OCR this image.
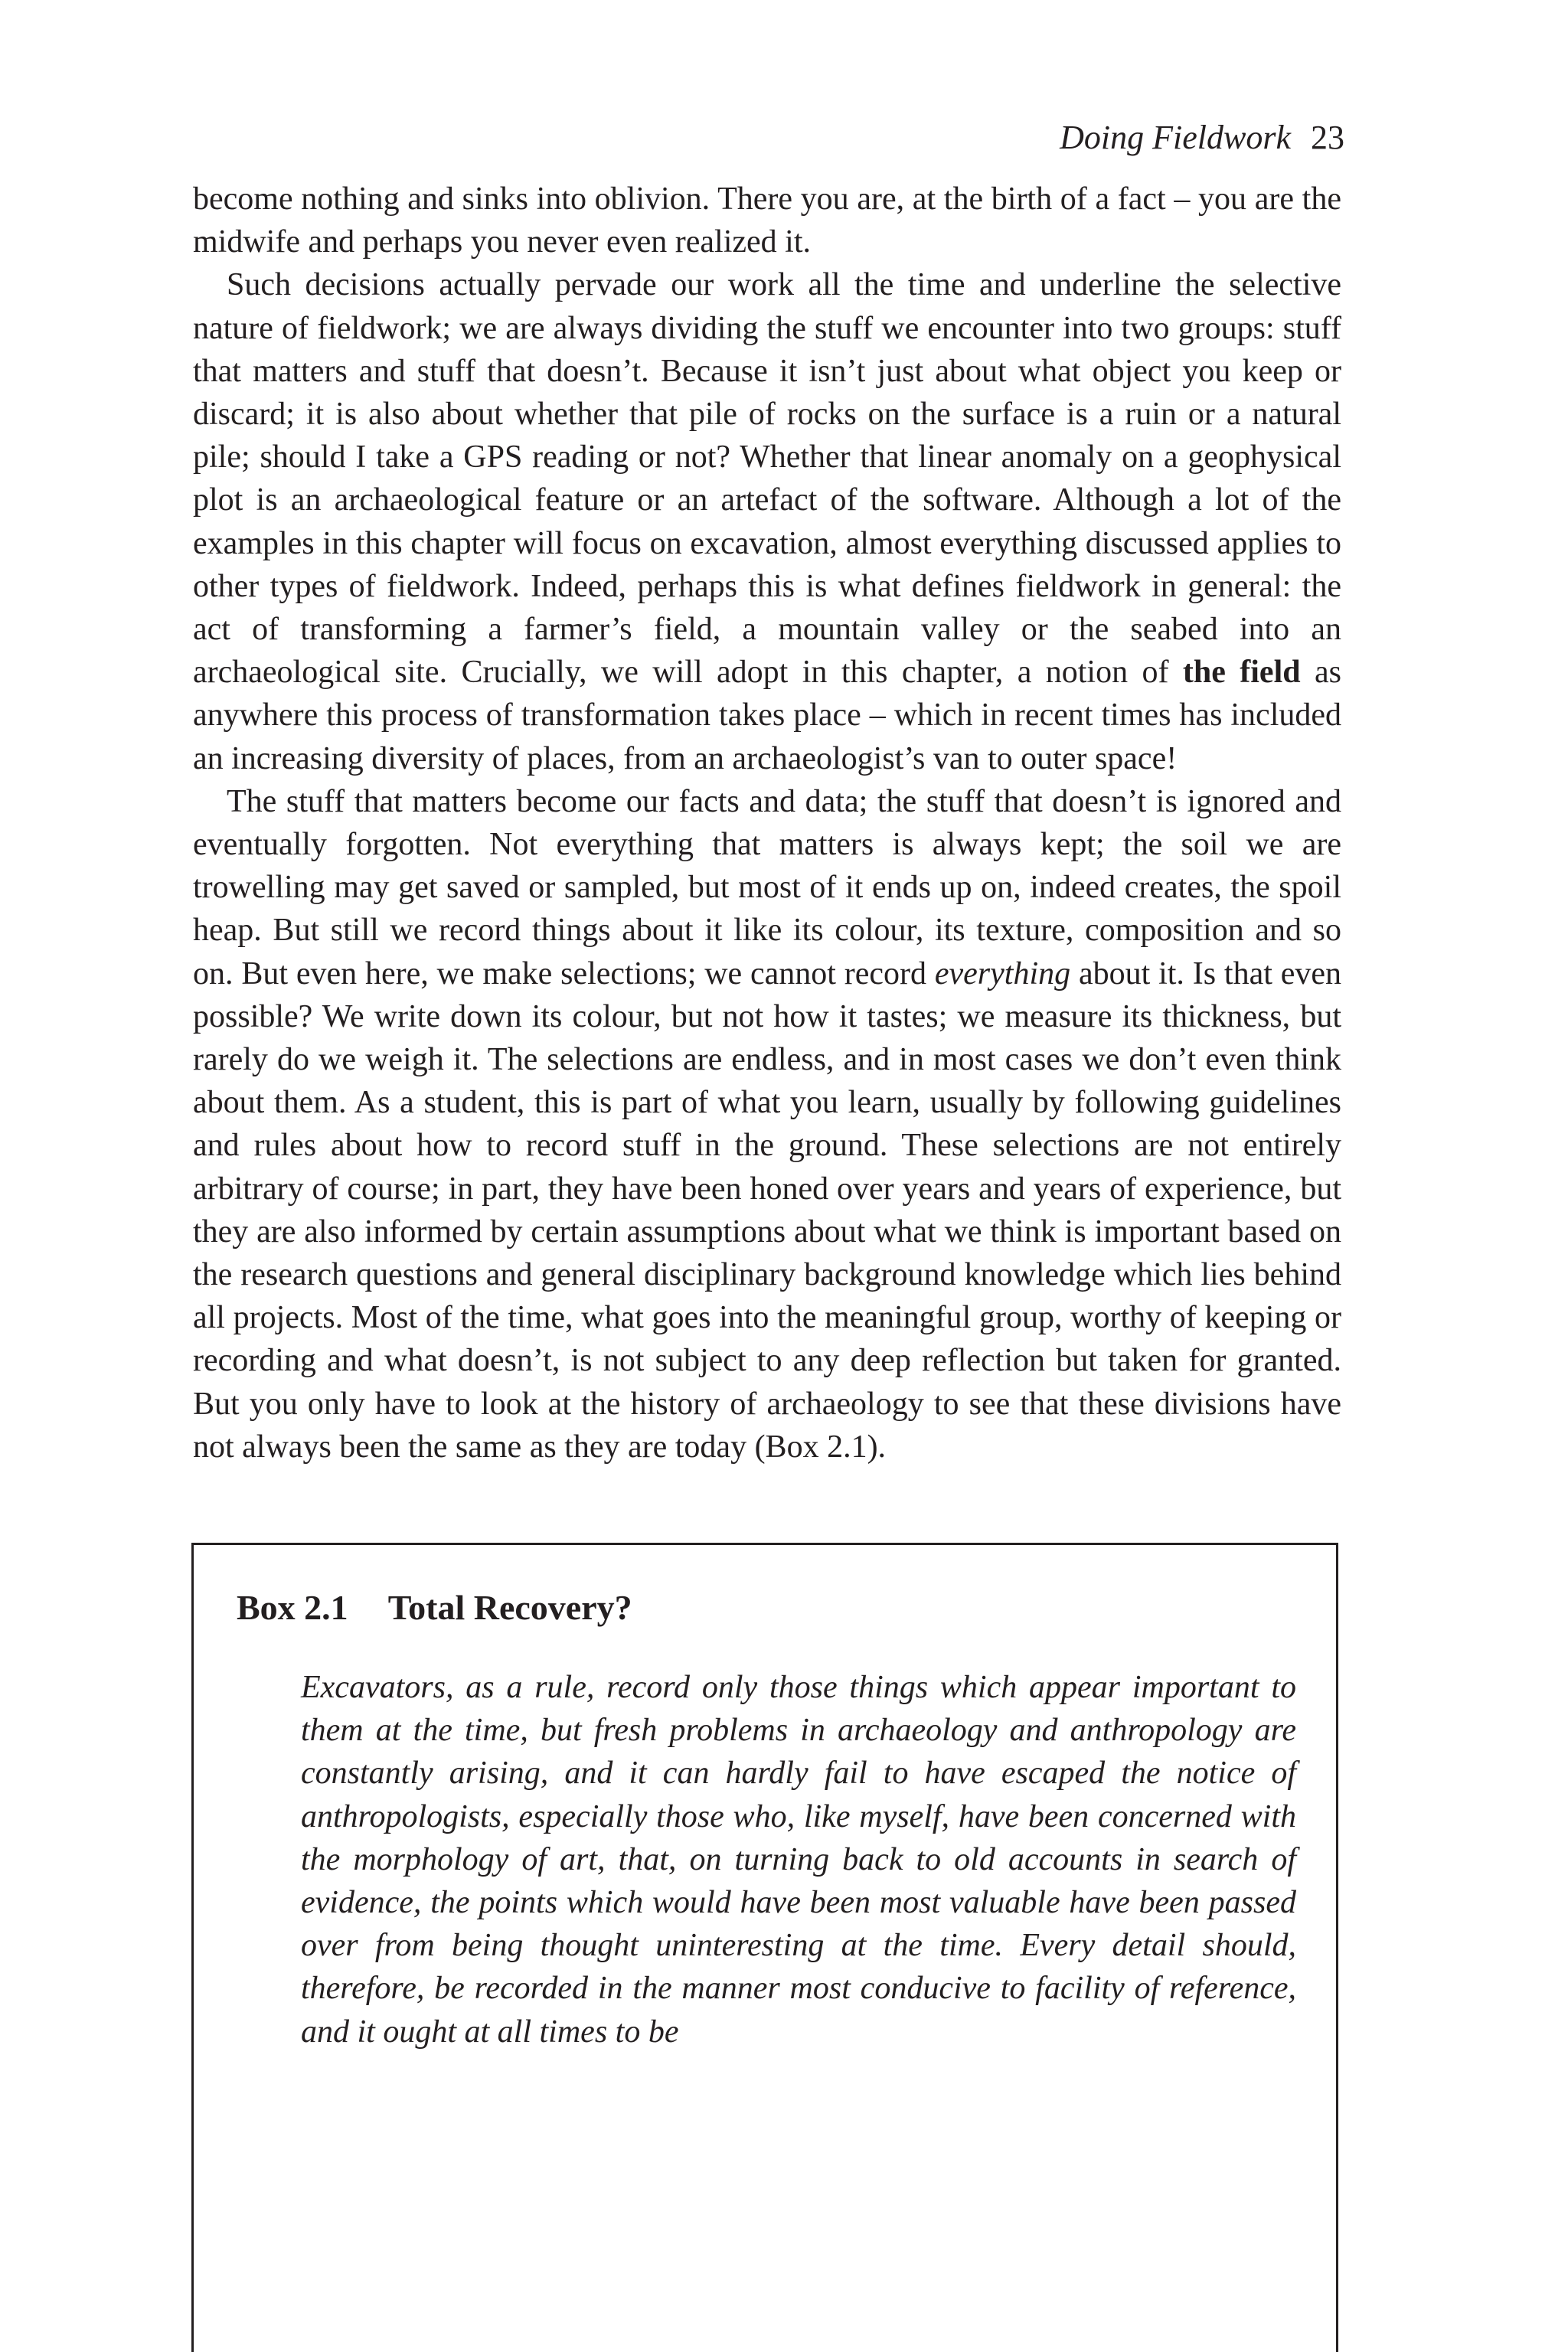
Doing Fieldwork 23

become nothing and sinks into oblivion. There you are, at the birth of a fact – you are the midwife and perhaps you never even realized it.

Such decisions actually pervade our work all the time and underline the selective nature of fieldwork; we are always dividing the stuff we encounter into two groups: stuff that matters and stuff that doesn’t. Because it isn’t just about what object you keep or discard; it is also about whether that pile of rocks on the surface is a ruin or a natural pile; should I take a GPS reading or not? Whether that linear anomaly on a geophysical plot is an archaeological feature or an artefact of the software. Although a lot of the examples in this chapter will focus on excavation, almost everything discussed applies to other types of fieldwork. Indeed, perhaps this is what defines fieldwork in general: the act of transforming a farmer’s field, a mountain valley or the seabed into an archaeological site. Crucially, we will adopt in this chapter, a notion of the field as anywhere this process of transformation takes place – which in recent times has included an increasing diversity of places, from an archaeologist’s van to outer space!

The stuff that matters become our facts and data; the stuff that doesn’t is ignored and eventually forgotten. Not everything that matters is always kept; the soil we are trowelling may get saved or sampled, but most of it ends up on, indeed creates, the spoil heap. But still we record things about it like its colour, its texture, composition and so on. But even here, we make selections; we cannot record everything about it. Is that even possible? We write down its colour, but not how it tastes; we measure its thickness, but rarely do we weigh it. The selections are endless, and in most cases we don’t even think about them. As a student, this is part of what you learn, usually by following guidelines and rules about how to record stuff in the ground. These selections are not entirely arbitrary of course; in part, they have been honed over years and years of experience, but they are also informed by certain assumptions about what we think is important based on the research questions and general disciplinary background knowledge which lies behind all projects. Most of the time, what goes into the meaningful group, worthy of keeping or recording and what doesn’t, is not subject to any deep reflection but taken for granted. But you only have to look at the history of archaeology to see that these divisions have not always been the same as they are today (Box 2.1).

Box 2.1 Total Recovery?

Excavators, as a rule, record only those things which appear important to them at the time, but fresh problems in archaeology and anthropology are constantly arising, and it can hardly fail to have escaped the notice of anthropologists, especially those who, like myself, have been concerned with the morphology of art, that, on turning back to old accounts in search of evidence, the points which would have been most valuable have been passed over from being thought uninteresting at the time. Every detail should, therefore, be recorded in the manner most conducive to facility of reference, and it ought at all times to be
